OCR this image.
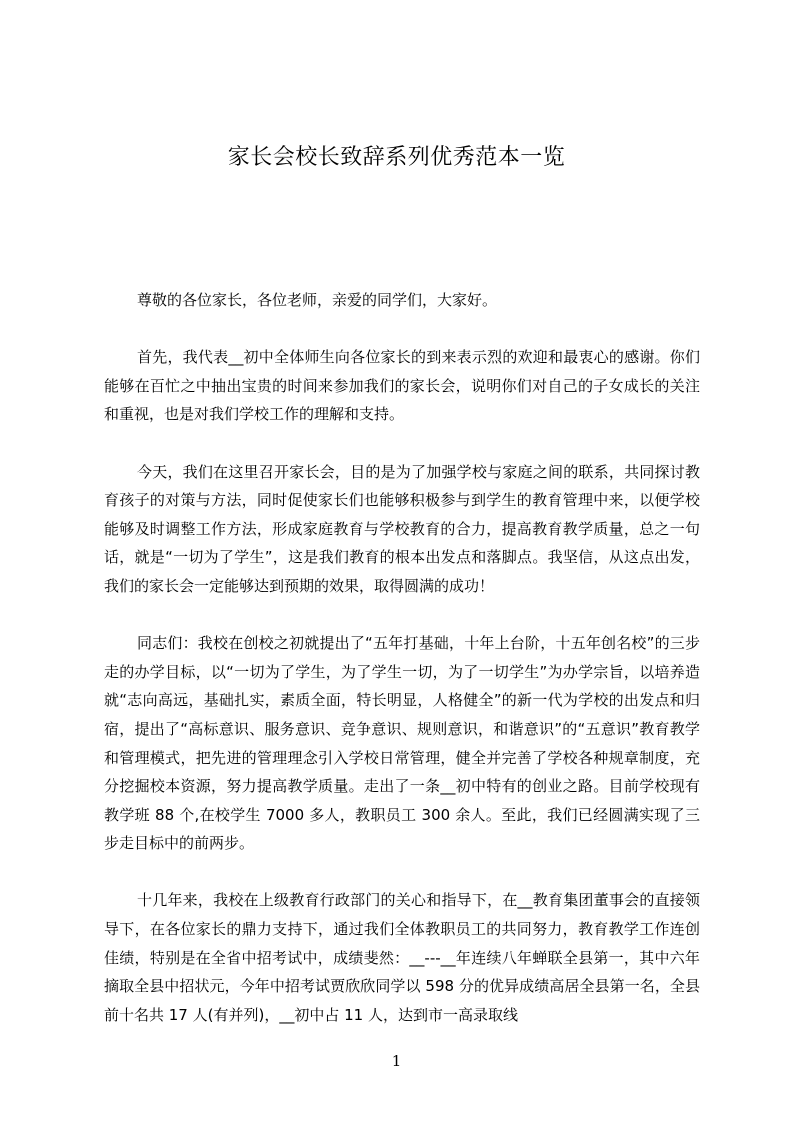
家长会校长致辞系列优秀范本一览

尊敬的各位家长，各位老师，亲爱的同学们，大家好。

首先，我代表__初中全体师生向各位家长的到来表示烈的欢迎和最衷心的感谢。你们能够在百忙之中抽出宝贵的时间来参加我们的家长会，说明你们对自己的子女成长的关注和重视，也是对我们学校工作的理解和支持。

今天，我们在这里召开家长会，目的是为了加强学校与家庭之间的联系，共同探讨教育孩子的对策与方法，同时促使家长们也能够积极参与到学生的教育管理中来，以便学校能够及时调整工作方法，形成家庭教育与学校教育的合力，提高教育教学质量，总之一句话，就是“一切为了学生”，这是我们教育的根本出发点和落脚点。我坚信，从这点出发，我们的家长会一定能够达到预期的效果，取得圆满的成功！

同志们：我校在创校之初就提出了“五年打基础，十年上台阶，十五年创名校”的三步走的办学目标，以“一切为了学生，为了学生一切，为了一切学生”为办学宗旨，以培养造就“志向高远，基础扎实，素质全面，特长明显，人格健全”的新一代为学校的出发点和归宿，提出了“高标意识、服务意识、竞争意识、规则意识，和谐意识”的“五意识”教育教学和管理模式，把先进的管理理念引入学校日常管理，健全并完善了学校各种规章制度，充分挖掘校本资源，努力提高教学质量。走出了一条__初中特有的创业之路。目前学校现有教学班 88 个,在校学生 7000 多人，教职员工 300 余人。至此，我们已经圆满实现了三步走目标中的前两步。

十几年来，我校在上级教育行政部门的关心和指导下，在__教育集团董事会的直接领导下，在各位家长的鼎力支持下，通过我们全体教职员工的共同努力，教育教学工作连创佳绩，特别是在全省中招考试中，成绩斐然：__---__年连续八年蝉联全县第一，其中六年摘取全县中招状元，今年中招考试贾欣欣同学以 598 分的优异成绩高居全县第一名，全县前十名共 17 人(有并列)，__初中占 11 人，达到市一高录取线

1
